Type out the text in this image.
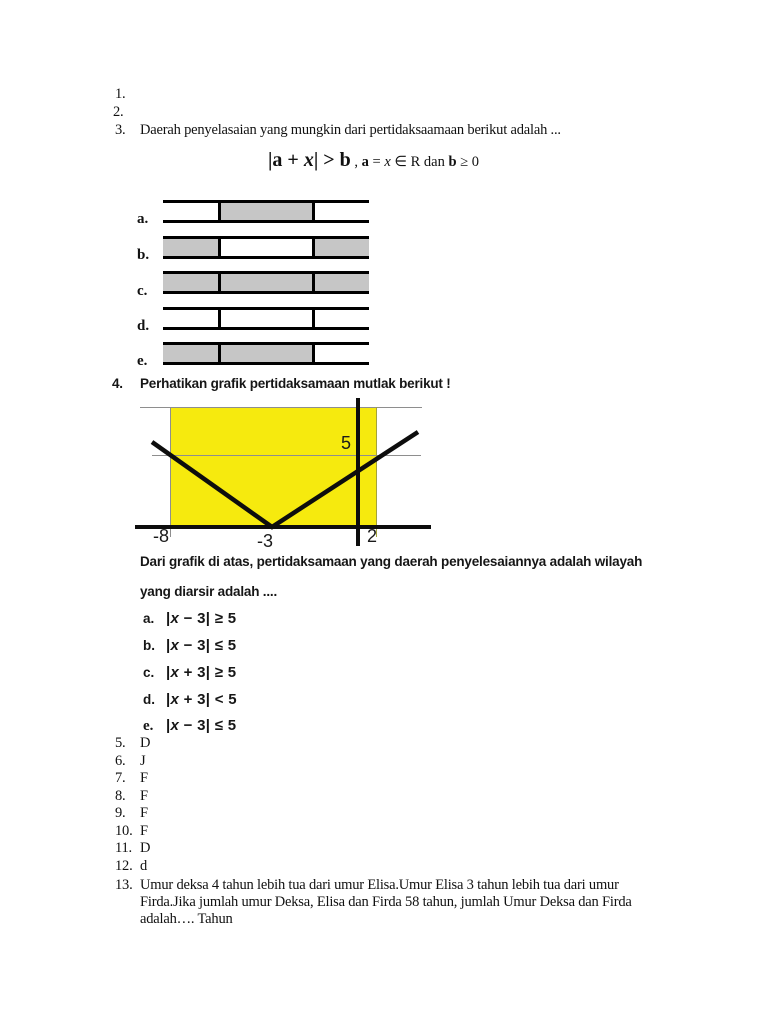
1.
2.
3. Daerah penyelasaian yang mungkin dari pertidaksaamaan berikut adalah ...
|a + x| > b , a = x ∈ R dan b ≥ 0
a.
b.
c.
d.
e.
4. Perhatikan grafik pertidaksamaan mutlak berikut !
5
-8	-3	2
Dari grafik di atas, pertidaksamaan yang daerah penyelesaiannya adalah wilayah
yang diarsir adalah ....
a. |x − 3| ≥ 5
b. |x − 3| ≤ 5
c. |x + 3| ≥ 5
d. |x + 3| < 5
e. |x − 3| ≤ 5
5. D
6. J
7. F
8. F
9. F
10. F
11. D
12. d
13. Umur deksa 4 tahun lebih tua dari umur Elisa.Umur Elisa 3 tahun lebih tua dari umur
Firda.Jika jumlah umur Deksa, Elisa dan Firda 58 tahun, jumlah Umur Deksa dan Firda
adalah…. Tahun
